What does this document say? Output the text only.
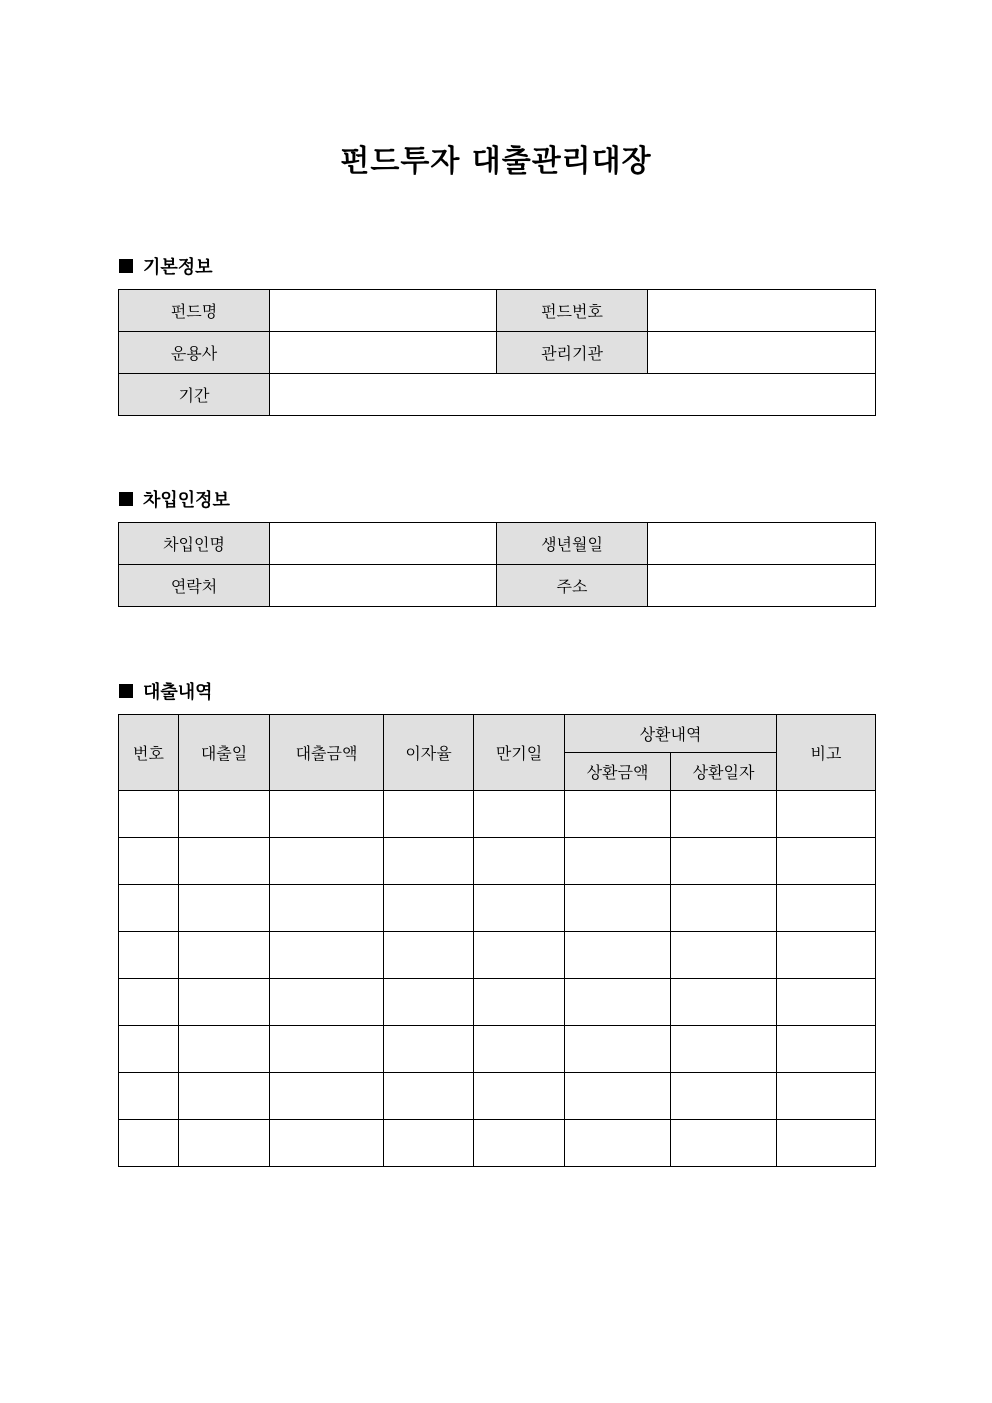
펀드투자 대출관리대장
기본정보
펀드명		펀드번호	
운용사		관리기관	
기간			
차입인정보
차입인명		생년월일	
연락처		주소	
대출내역
번호	대출일	대출금액	이자율	만기일	상환내역		비고
					상환금액	상환일자	
